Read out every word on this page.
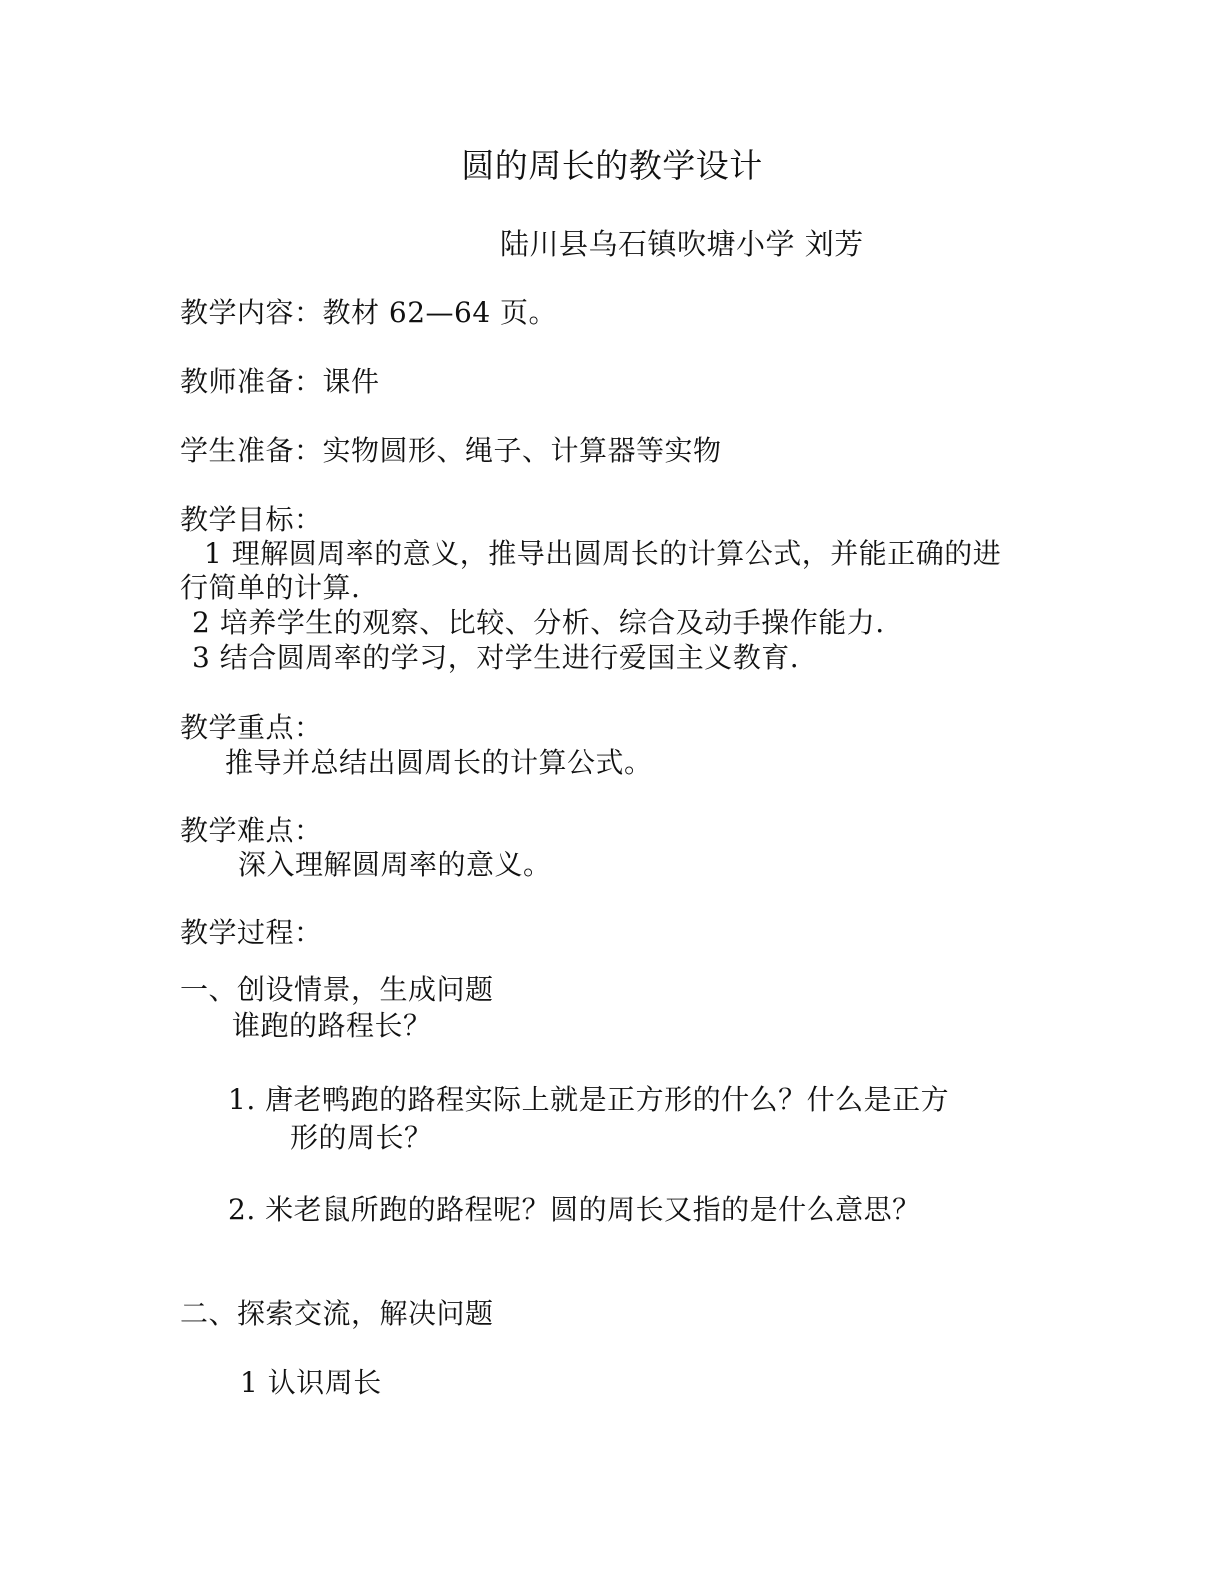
圆的周长的教学设计
陆川县乌石镇吹塘小学 刘芳
教学内容：教材 62—64 页。
教师准备：课件
学生准备：实物圆形、绳子、计算器等实物
教学目标：
1 理解圆周率的意义，推导出圆周长的计算公式，并能正确的进
行简单的计算.
2 培养学生的观察、比较、分析、综合及动手操作能力.
3 结合圆周率的学习，对学生进行爱国主义教育.
教学重点：
推导并总结出圆周长的计算公式。
教学难点：
深入理解圆周率的意义。
教学过程：
一、创设情景，生成问题
谁跑的路程长？
1. 唐老鸭跑的路程实际上就是正方形的什么？什么是正方
形的周长？
2. 米老鼠所跑的路程呢？圆的周长又指的是什么意思？
二、探索交流，解决问题
1 认识周长
